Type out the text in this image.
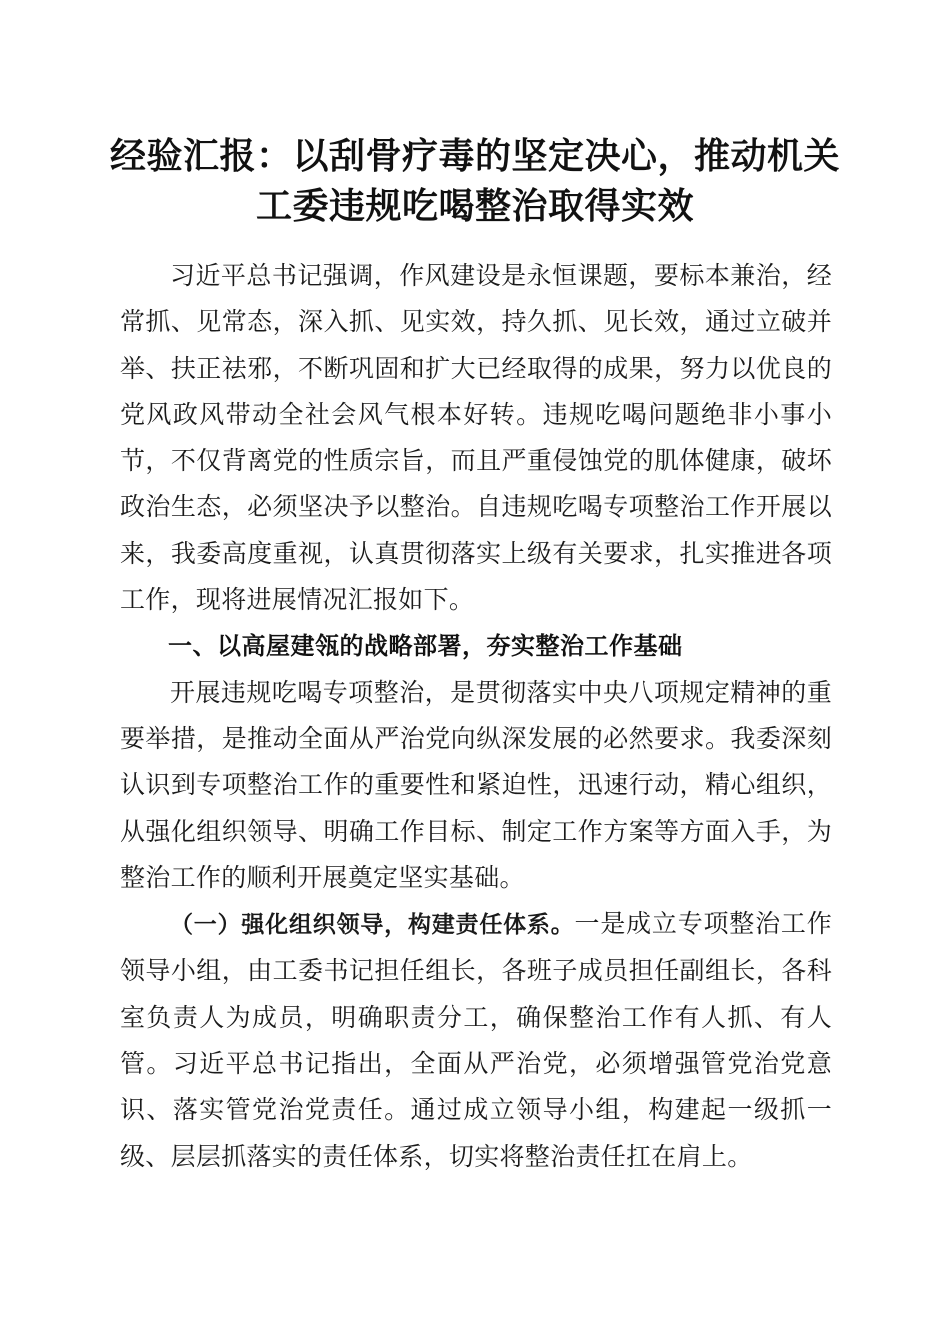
经验汇报：以刮骨疗毒的坚定决心，推动机关
工委违规吃喝整治取得实效

习近平总书记强调，作风建设是永恒课题，要标本兼治，经常抓、见常态，深入抓、见实效，持久抓、见长效，通过立破并举、扶正祛邪，不断巩固和扩大已经取得的成果，努力以优良的党风政风带动全社会风气根本好转。违规吃喝问题绝非小事小节，不仅背离党的性质宗旨，而且严重侵蚀党的肌体健康，破坏政治生态，必须坚决予以整治。自违规吃喝专项整治工作开展以来，我委高度重视，认真贯彻落实上级有关要求，扎实推进各项工作，现将进展情况汇报如下。

一、以高屋建瓴的战略部署，夯实整治工作基础

开展违规吃喝专项整治，是贯彻落实中央八项规定精神的重要举措，是推动全面从严治党向纵深发展的必然要求。我委深刻认识到专项整治工作的重要性和紧迫性，迅速行动，精心组织，从强化组织领导、明确工作目标、制定工作方案等方面入手，为整治工作的顺利开展奠定坚实基础。

（一）强化组织领导，构建责任体系。一是成立专项整治工作领导小组，由工委书记担任组长，各班子成员担任副组长，各科室负责人为成员，明确职责分工，确保整治工作有人抓、有人管。习近平总书记指出，全面从严治党，必须增强管党治党意识、落实管党治党责任。通过成立领导小组，构建起一级抓一级、层层抓落实的责任体系，切实将整治责任扛在肩上。
